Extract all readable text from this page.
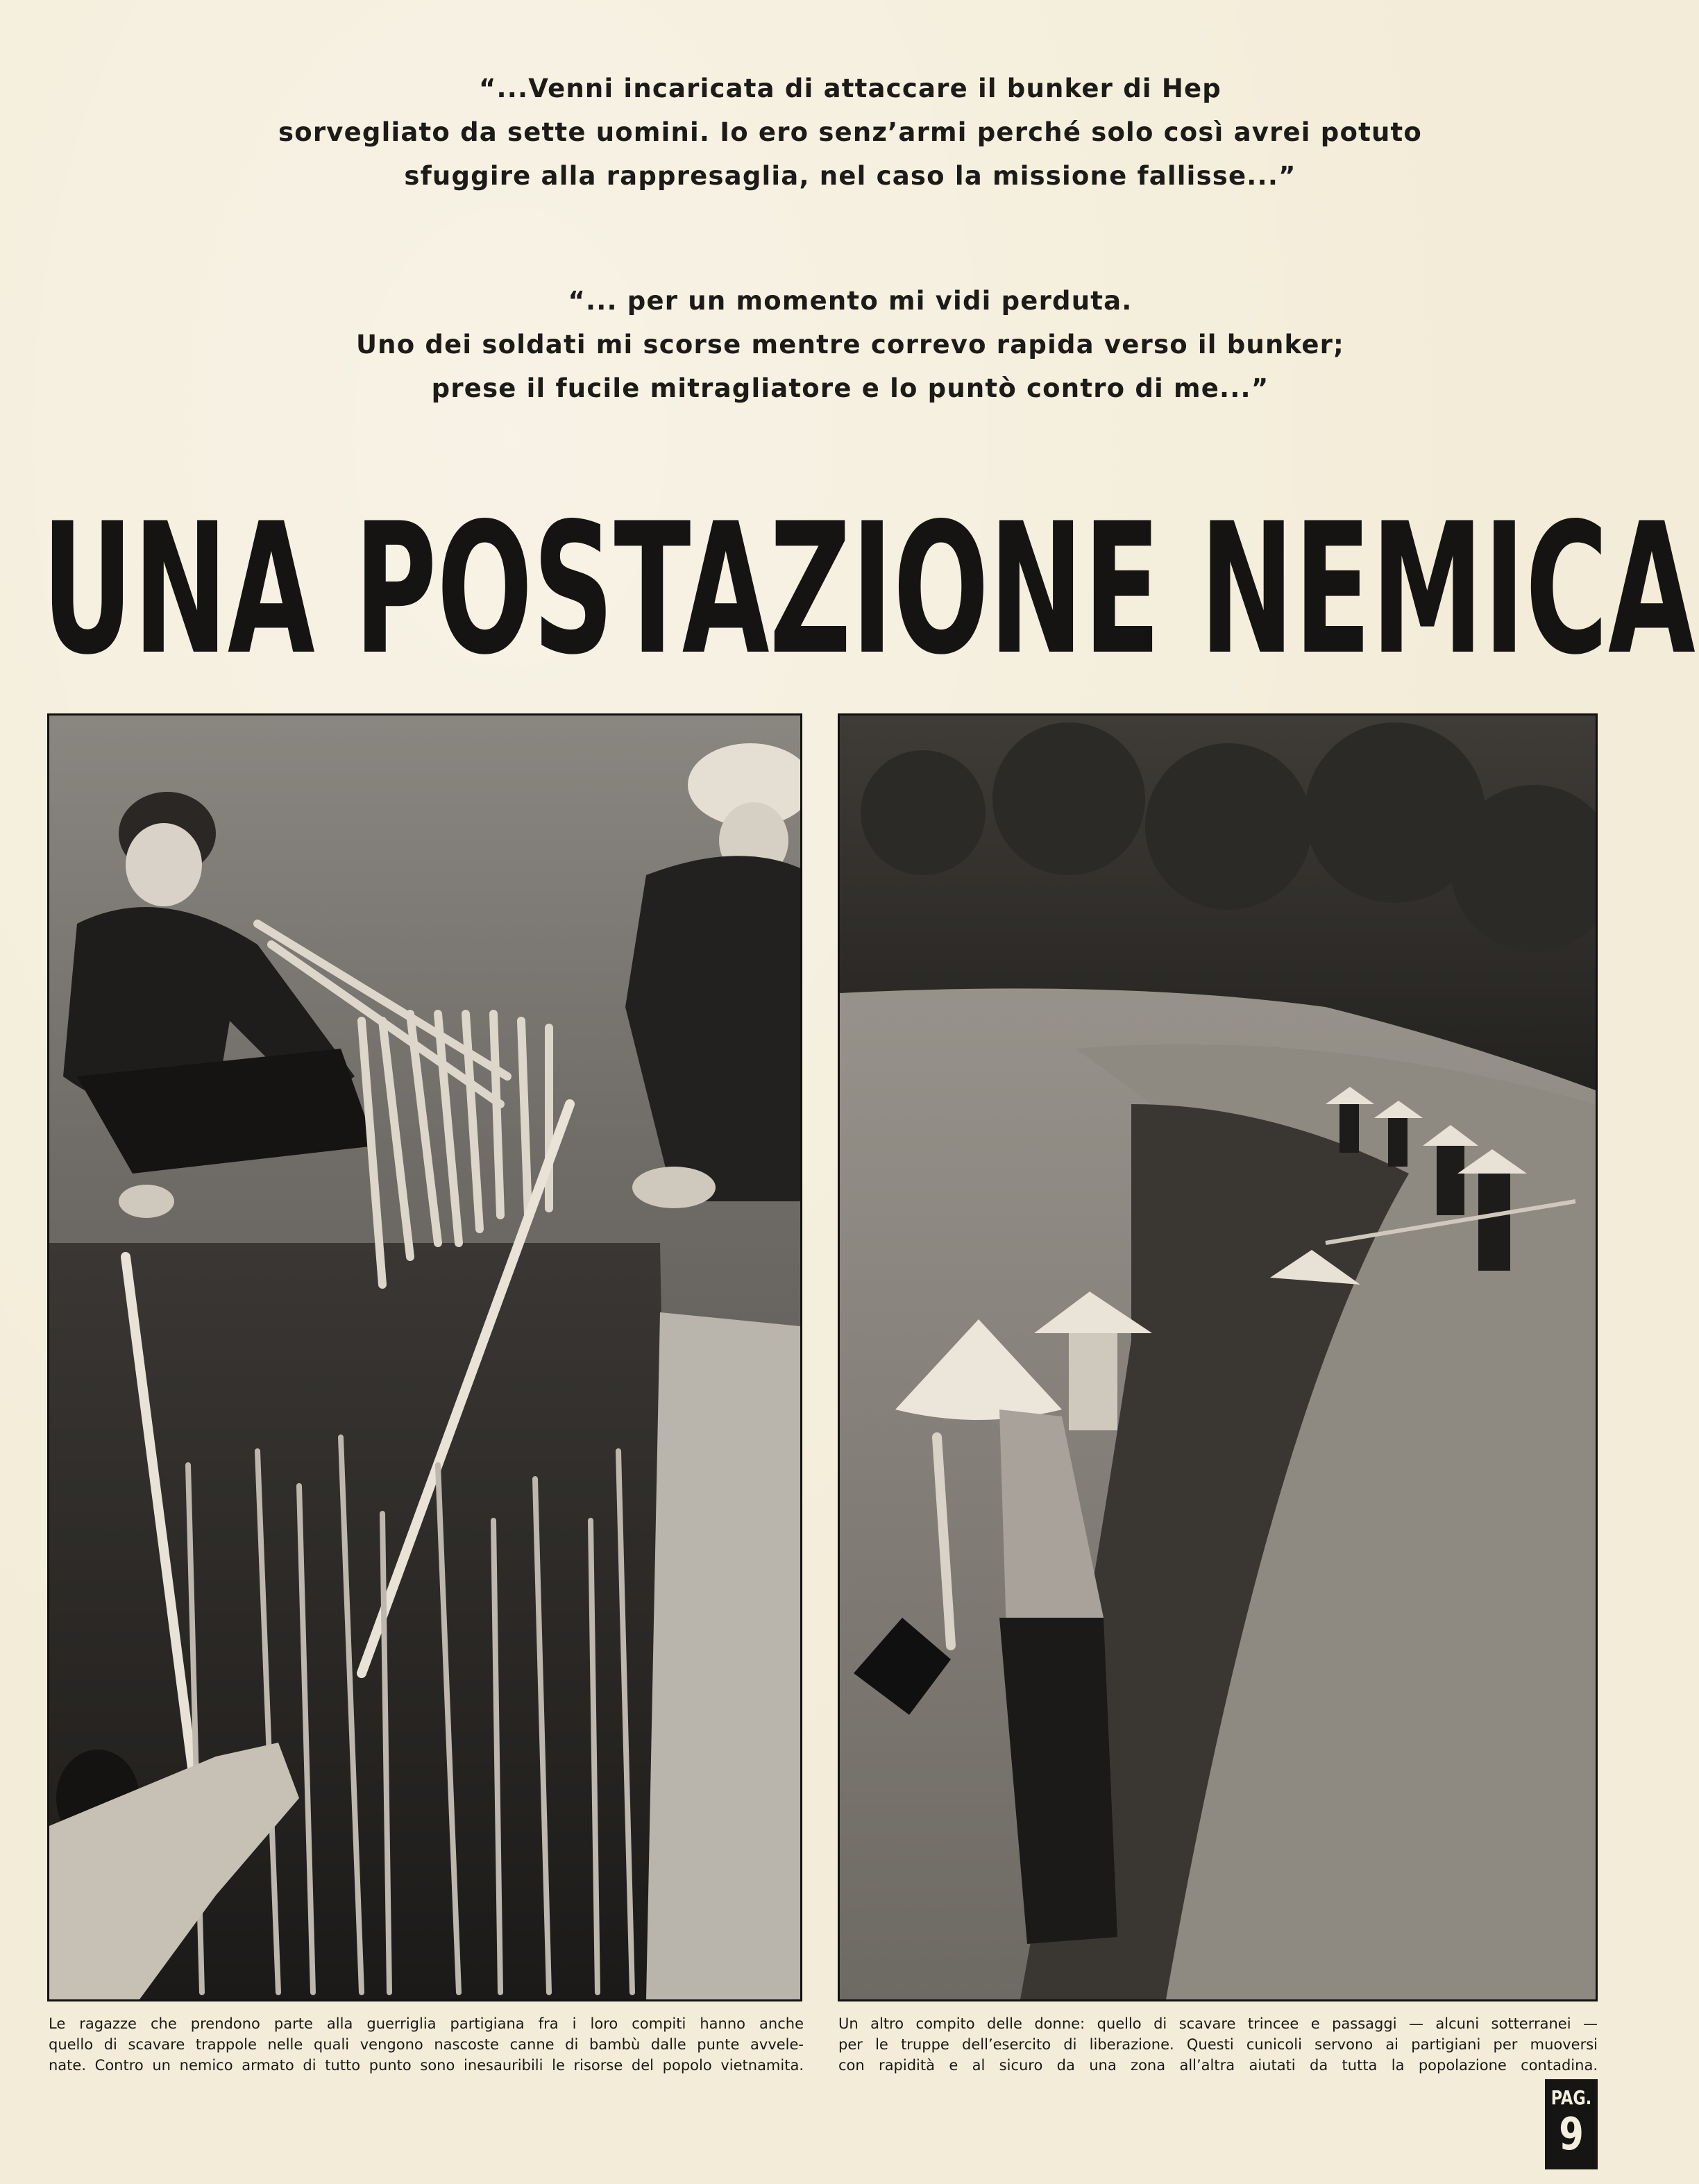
“...Venni incaricata di attaccare il bunker di Hep
sorvegliato da sette uomini. Io ero senz’armi perché solo così avrei potuto
sfuggire alla rappresaglia, nel caso la missione fallisse...”
“... per un momento mi vidi perduta.
Uno dei soldati mi scorse mentre correvo rapida verso il bunker;
prese il fucile mitragliatore e lo puntò contro di me...”
UNA POSTAZIONE NEMICA
Le ragazze che prendono parte alla guerriglia partigiana fra i loro compiti hanno anche
quello di scavare trappole nelle quali vengono nascoste canne di bambù dalle punte avvele-
nate. Contro un nemico armato di tutto punto sono inesauribili le risorse del popolo vietnamita.
Un altro compito delle donne: quello di scavare trincee e passaggi — alcuni sotterranei —
per le truppe dell’esercito di liberazione. Questi cunicoli servono ai partigiani per muoversi
con rapidità e al sicuro da una zona all’altra aiutati da tutta la popolazione contadina.
PAG.
9
